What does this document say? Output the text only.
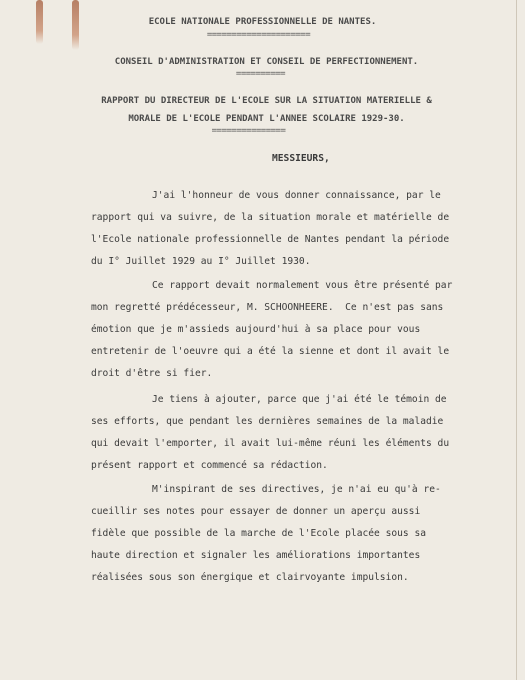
ECOLE NATIONALE PROFESSIONNELLE DE NANTES.
=====================
CONSEIL D'ADMINISTRATION ET CONSEIL DE PERFECTIONNEMENT.
==========
RAPPORT DU DIRECTEUR DE L'ECOLE SUR LA SITUATION MATERIELLE &
MORALE DE L'ECOLE PENDANT L'ANNEE SCOLAIRE 1929-30.
===============
MESSIEURS,
J'ai l'honneur de vous donner connaissance, par le
rapport qui va suivre, de la situation morale et matérielle de
l'Ecole nationale professionnelle de Nantes pendant la période
du I° Juillet 1929 au I° Juillet 1930.
Ce rapport devait normalement vous être présenté par
mon regretté prédécesseur, M. SCHOONHEERE.  Ce n'est pas sans
émotion que je m'assieds aujourd'hui à sa place pour vous
entretenir de l'oeuvre qui a été la sienne et dont il avait le
droit d'être si fier.
Je tiens à ajouter, parce que j'ai été le témoin de
ses efforts, que pendant les dernières semaines de la maladie
qui devait l'emporter, il avait lui-même réuni les éléments du
présent rapport et commencé sa rédaction.
M'inspirant de ses directives, je n'ai eu qu'à re-
cueillir ses notes pour essayer de donner un aperçu aussi
fidèle que possible de la marche de l'Ecole placée sous sa
haute direction et signaler les améliorations importantes
réalisées sous son énergique et clairvoyante impulsion.
